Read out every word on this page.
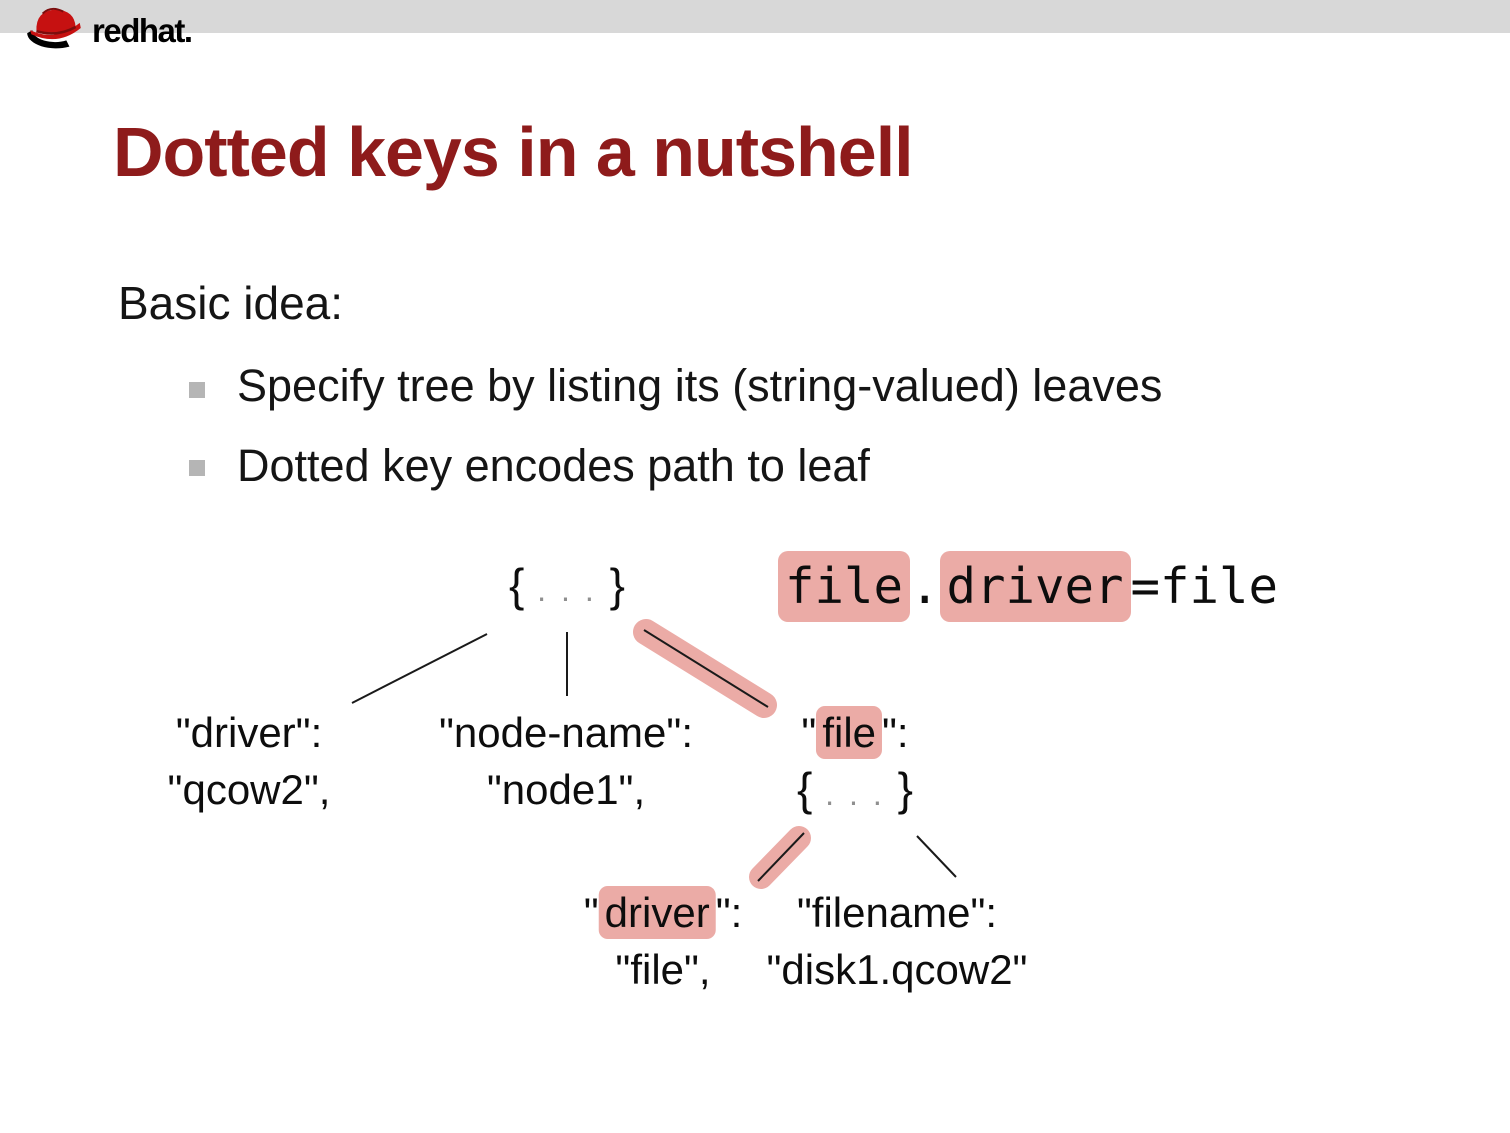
redhat.
Dotted keys in a nutshell
Basic idea:
Specify tree by listing its (string-valued) leaves
Dotted key encodes path to leaf
{ . . . }	file . driver =file
"driver":
"qcow2",
"node-name":
"node1",
" file ":
{ . . . }
" driver ":
"file",
"filename":
"disk1.qcow2"
